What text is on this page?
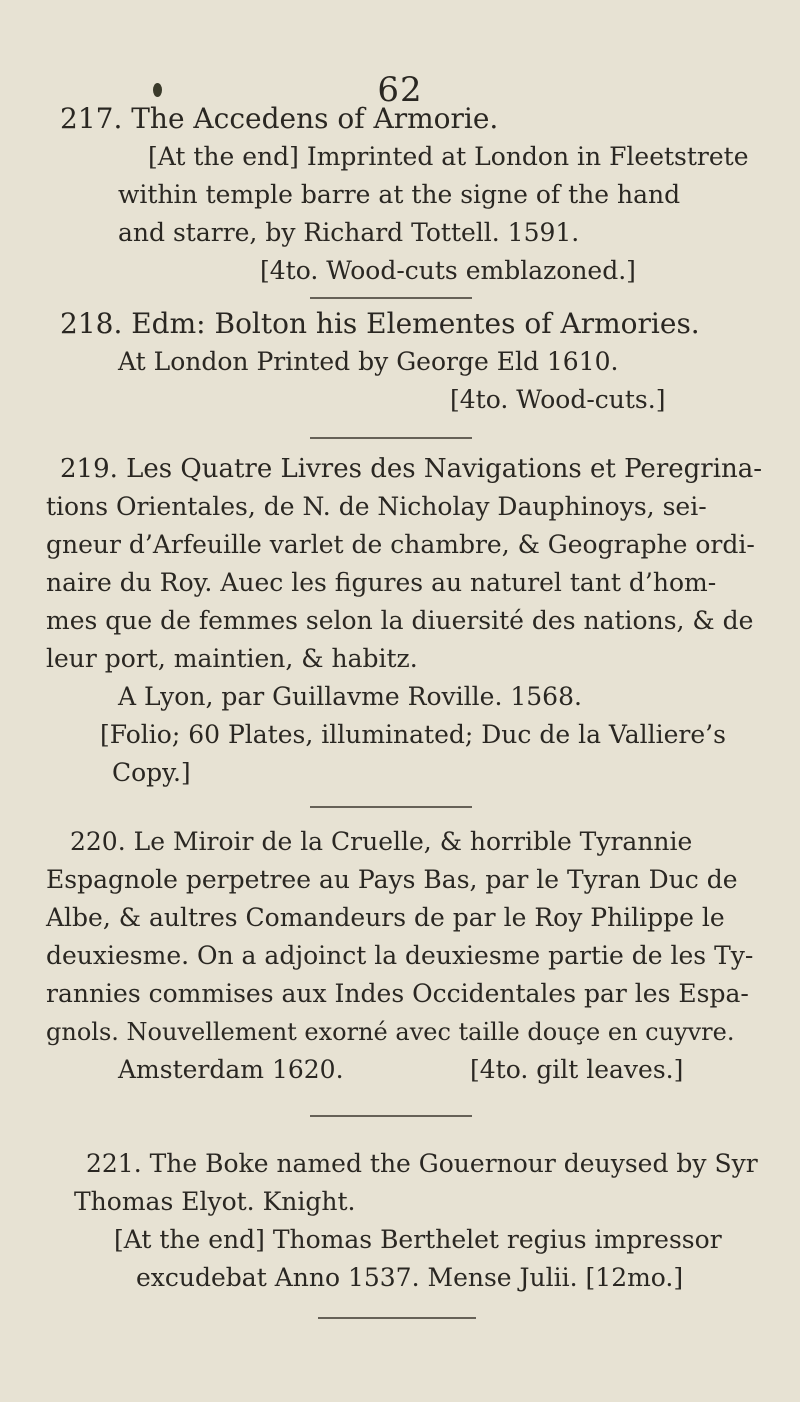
62
217. The Accedens of Armorie.
[At the end] Imprinted at London in Fleetstrete
within temple barre at the signe of the hand
and starre, by Richard Tottell. 1591.
[4to. Wood-cuts emblazoned.]
218. Edm: Bolton his Elementes of Armories.
At London Printed by George Eld 1610.
[4to. Wood-cuts.]
219. Les Quatre Livres des Navigations et Peregrina-
tions Orientales, de N. de Nicholay Dauphinoys, sei-
gneur d’Arfeuille varlet de chambre, & Geographe ordi-
naire du Roy. Auec les figures au naturel tant d’hom-
mes que de femmes selon la diuersité des nations, & de
leur port, maintien, & habitz.
A Lyon, par Guillavme Roville. 1568.
[Folio; 60 Plates, illuminated; Duc de la Valliere’s
Copy.]
220. Le Miroir de la Cruelle, & horrible Tyrannie
Espagnole perpetree au Pays Bas, par le Tyran Duc de
Albe, & aultres Comandeurs de par le Roy Philippe le
deuxiesme. On a adjoinct la deuxiesme partie de les Ty-
rannies commises aux Indes Occidentales par les Espa-
gnols. Nouvellement exorné avec taille douçe en cuyvre.
Amsterdam 1620.	[4to. gilt leaves.]
221. The Boke named the Gouernour deuysed by Syr
Thomas Elyot. Knight.
[At the end] Thomas Berthelet regius impressor
excudebat Anno 1537. Mense Julii. [12mo.]
